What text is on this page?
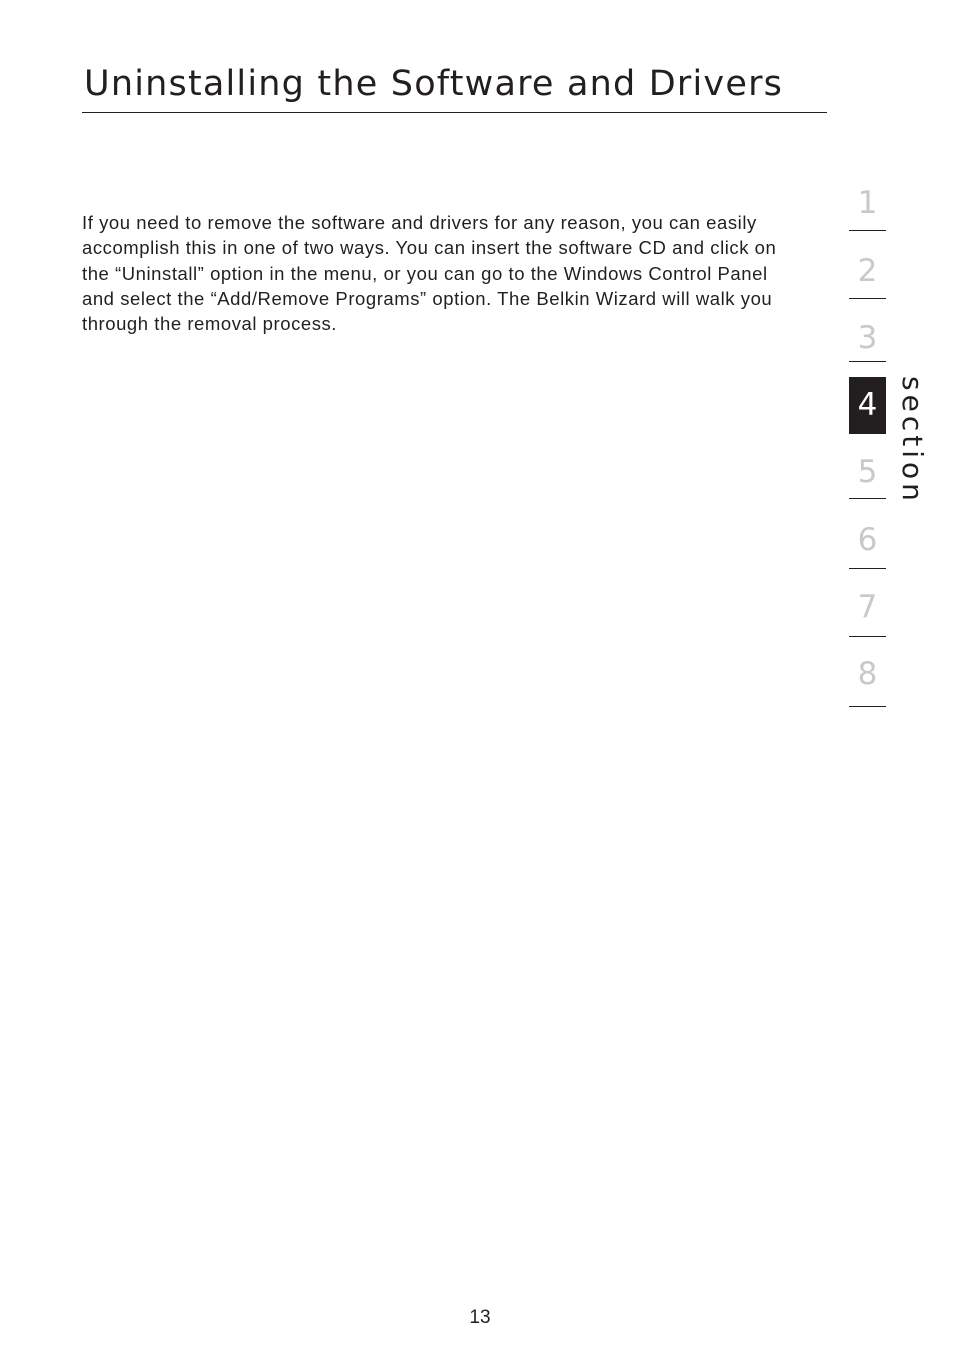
Uninstalling the Software and Drivers

If you need to remove the software and drivers for any reason, you can easily accomplish this in one of two ways. You can insert the software CD and click on the “Uninstall” option in the menu, or you can go to the Windows Control Panel and select the “Add/Remove Programs” option. The Belkin Wizard will walk you through the removal process.

1
2
3
4
5
6
7
8
section
13
